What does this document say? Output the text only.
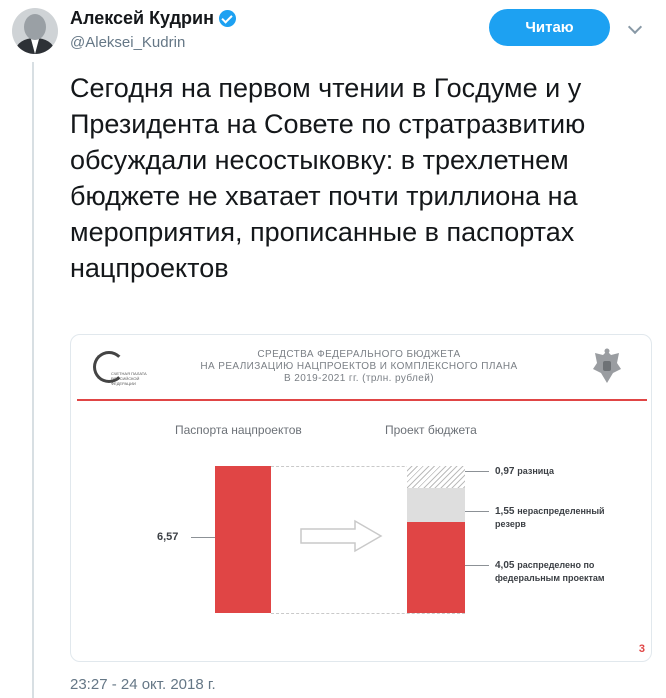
Алексей Кудрин
@Aleksei_Kudrin
Читаю
Сегодня на первом чтении в Госдуме и у Президента на Совете по стратразвитию обсуждали несостыковку: в трехлетнем бюджете не хватает почти триллиона на мероприятия, прописанные в паспортах нацпроектов
СЧЕТНАЯ ПАЛАТА РОССИЙСКОЙ ФЕДЕРАЦИИ
СРЕДСТВА ФЕДЕРАЛЬНОГО БЮДЖЕТА
НА РЕАЛИЗАЦИЮ НАЦПРОЕКТОВ И КОМПЛЕКСНОГО ПЛАНА
В 2019-2021 гг. (трлн. рублей)
Паспорта нацпроектов	Проект бюджета
6,57
0,97 разница
1,55 нераспределенный резерв
4,05 распределено по федеральным проектам
3
23:27 - 24 окт. 2018 г.
